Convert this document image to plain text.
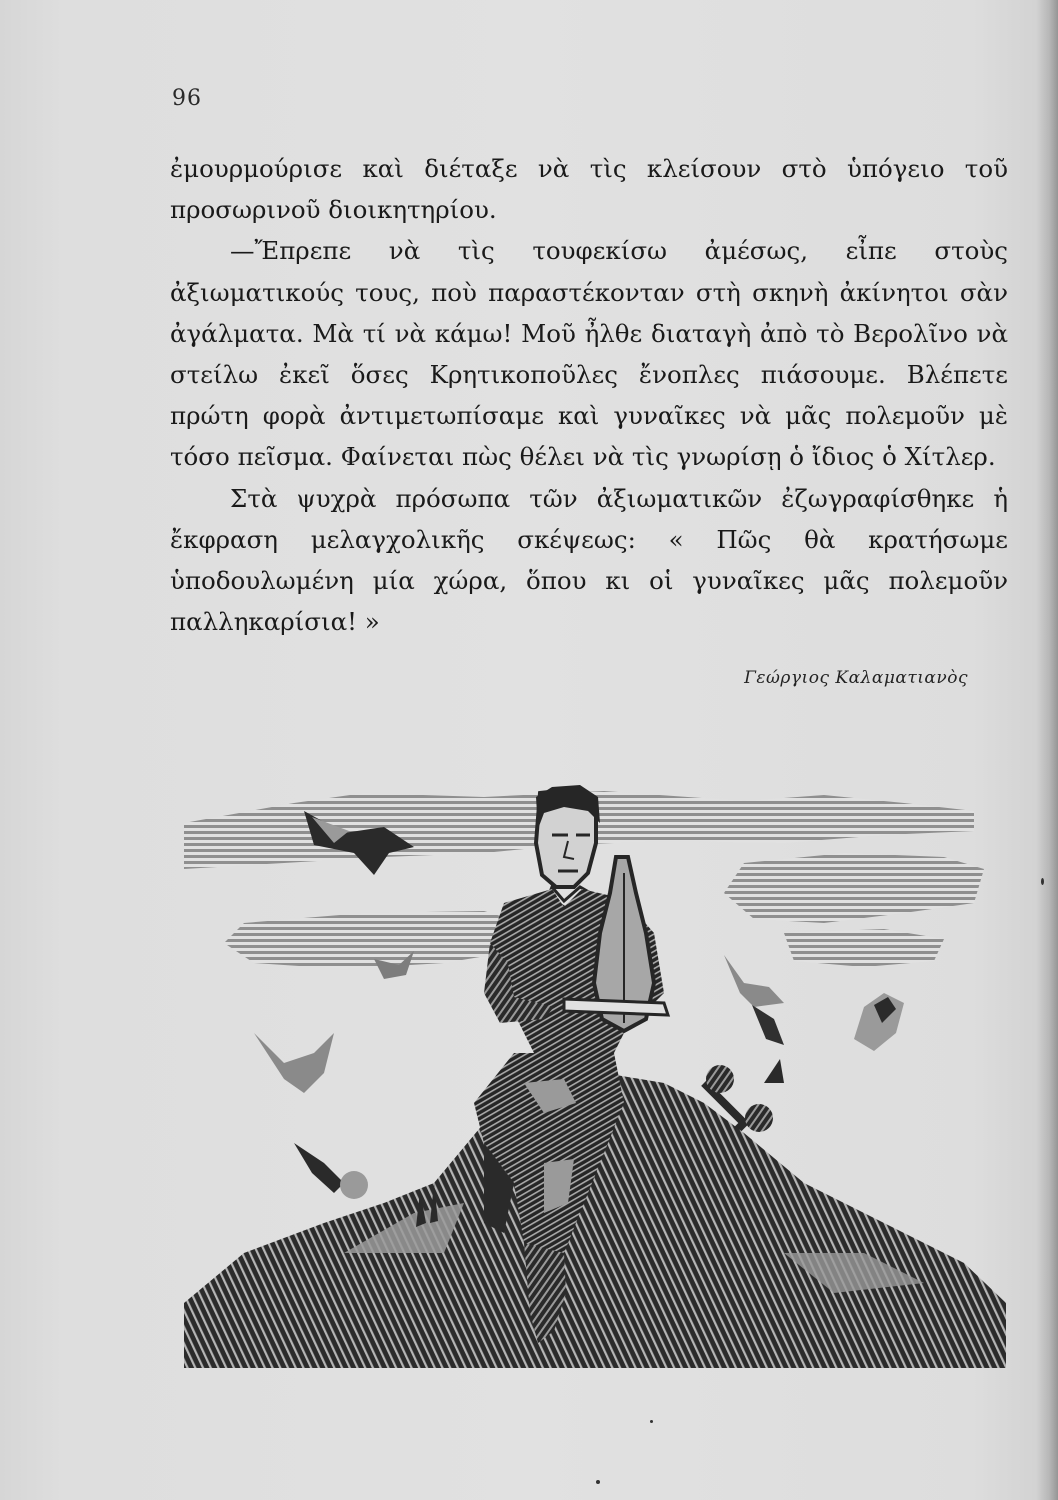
96

ἐμουρμούρισε καὶ διέταξε νὰ τὶς κλείσουν στὸ ὑπόγειο τοῦ προσωρινοῦ διοικητηρίου.

—Ἔπρεπε νὰ τὶς τουφεκίσω ἀμέσως, εἶπε στοὺς ἀξιωματικούς τους, ποὺ παραστέκονταν στὴ σκηνὴ ἀκίνητοι σὰν ἀγάλματα. Μὰ τί νὰ κάμω! Μοῦ ἦλθε διαταγὴ ἀπὸ τὸ Βερολῖνο νὰ στείλω ἐκεῖ ὅσες Κρητικοποῦλες ἔνοπλες πιάσουμε. Βλέπετε πρώτη φορὰ ἀντιμετωπίσαμε καὶ γυναῖκες νὰ μᾶς πολεμοῦν μὲ τόσο πεῖσμα. Φαίνεται πὼς θέλει νὰ τὶς γνωρίσῃ ὁ ἴδιος ὁ Χίτλερ.

Στὰ ψυχρὰ πρόσωπα τῶν ἀξιωματικῶν ἐζωγραφίσθηκε ἡ ἔκφραση μελαγχολικῆς σκέψεως: « Πῶς θὰ κρατήσωμε ὑποδουλωμένη μία χώρα, ὅπου κι οἱ γυναῖκες μᾶς πολεμοῦν παλληκαρίσια! »

Γεώργιος Καλαματιανὸς
